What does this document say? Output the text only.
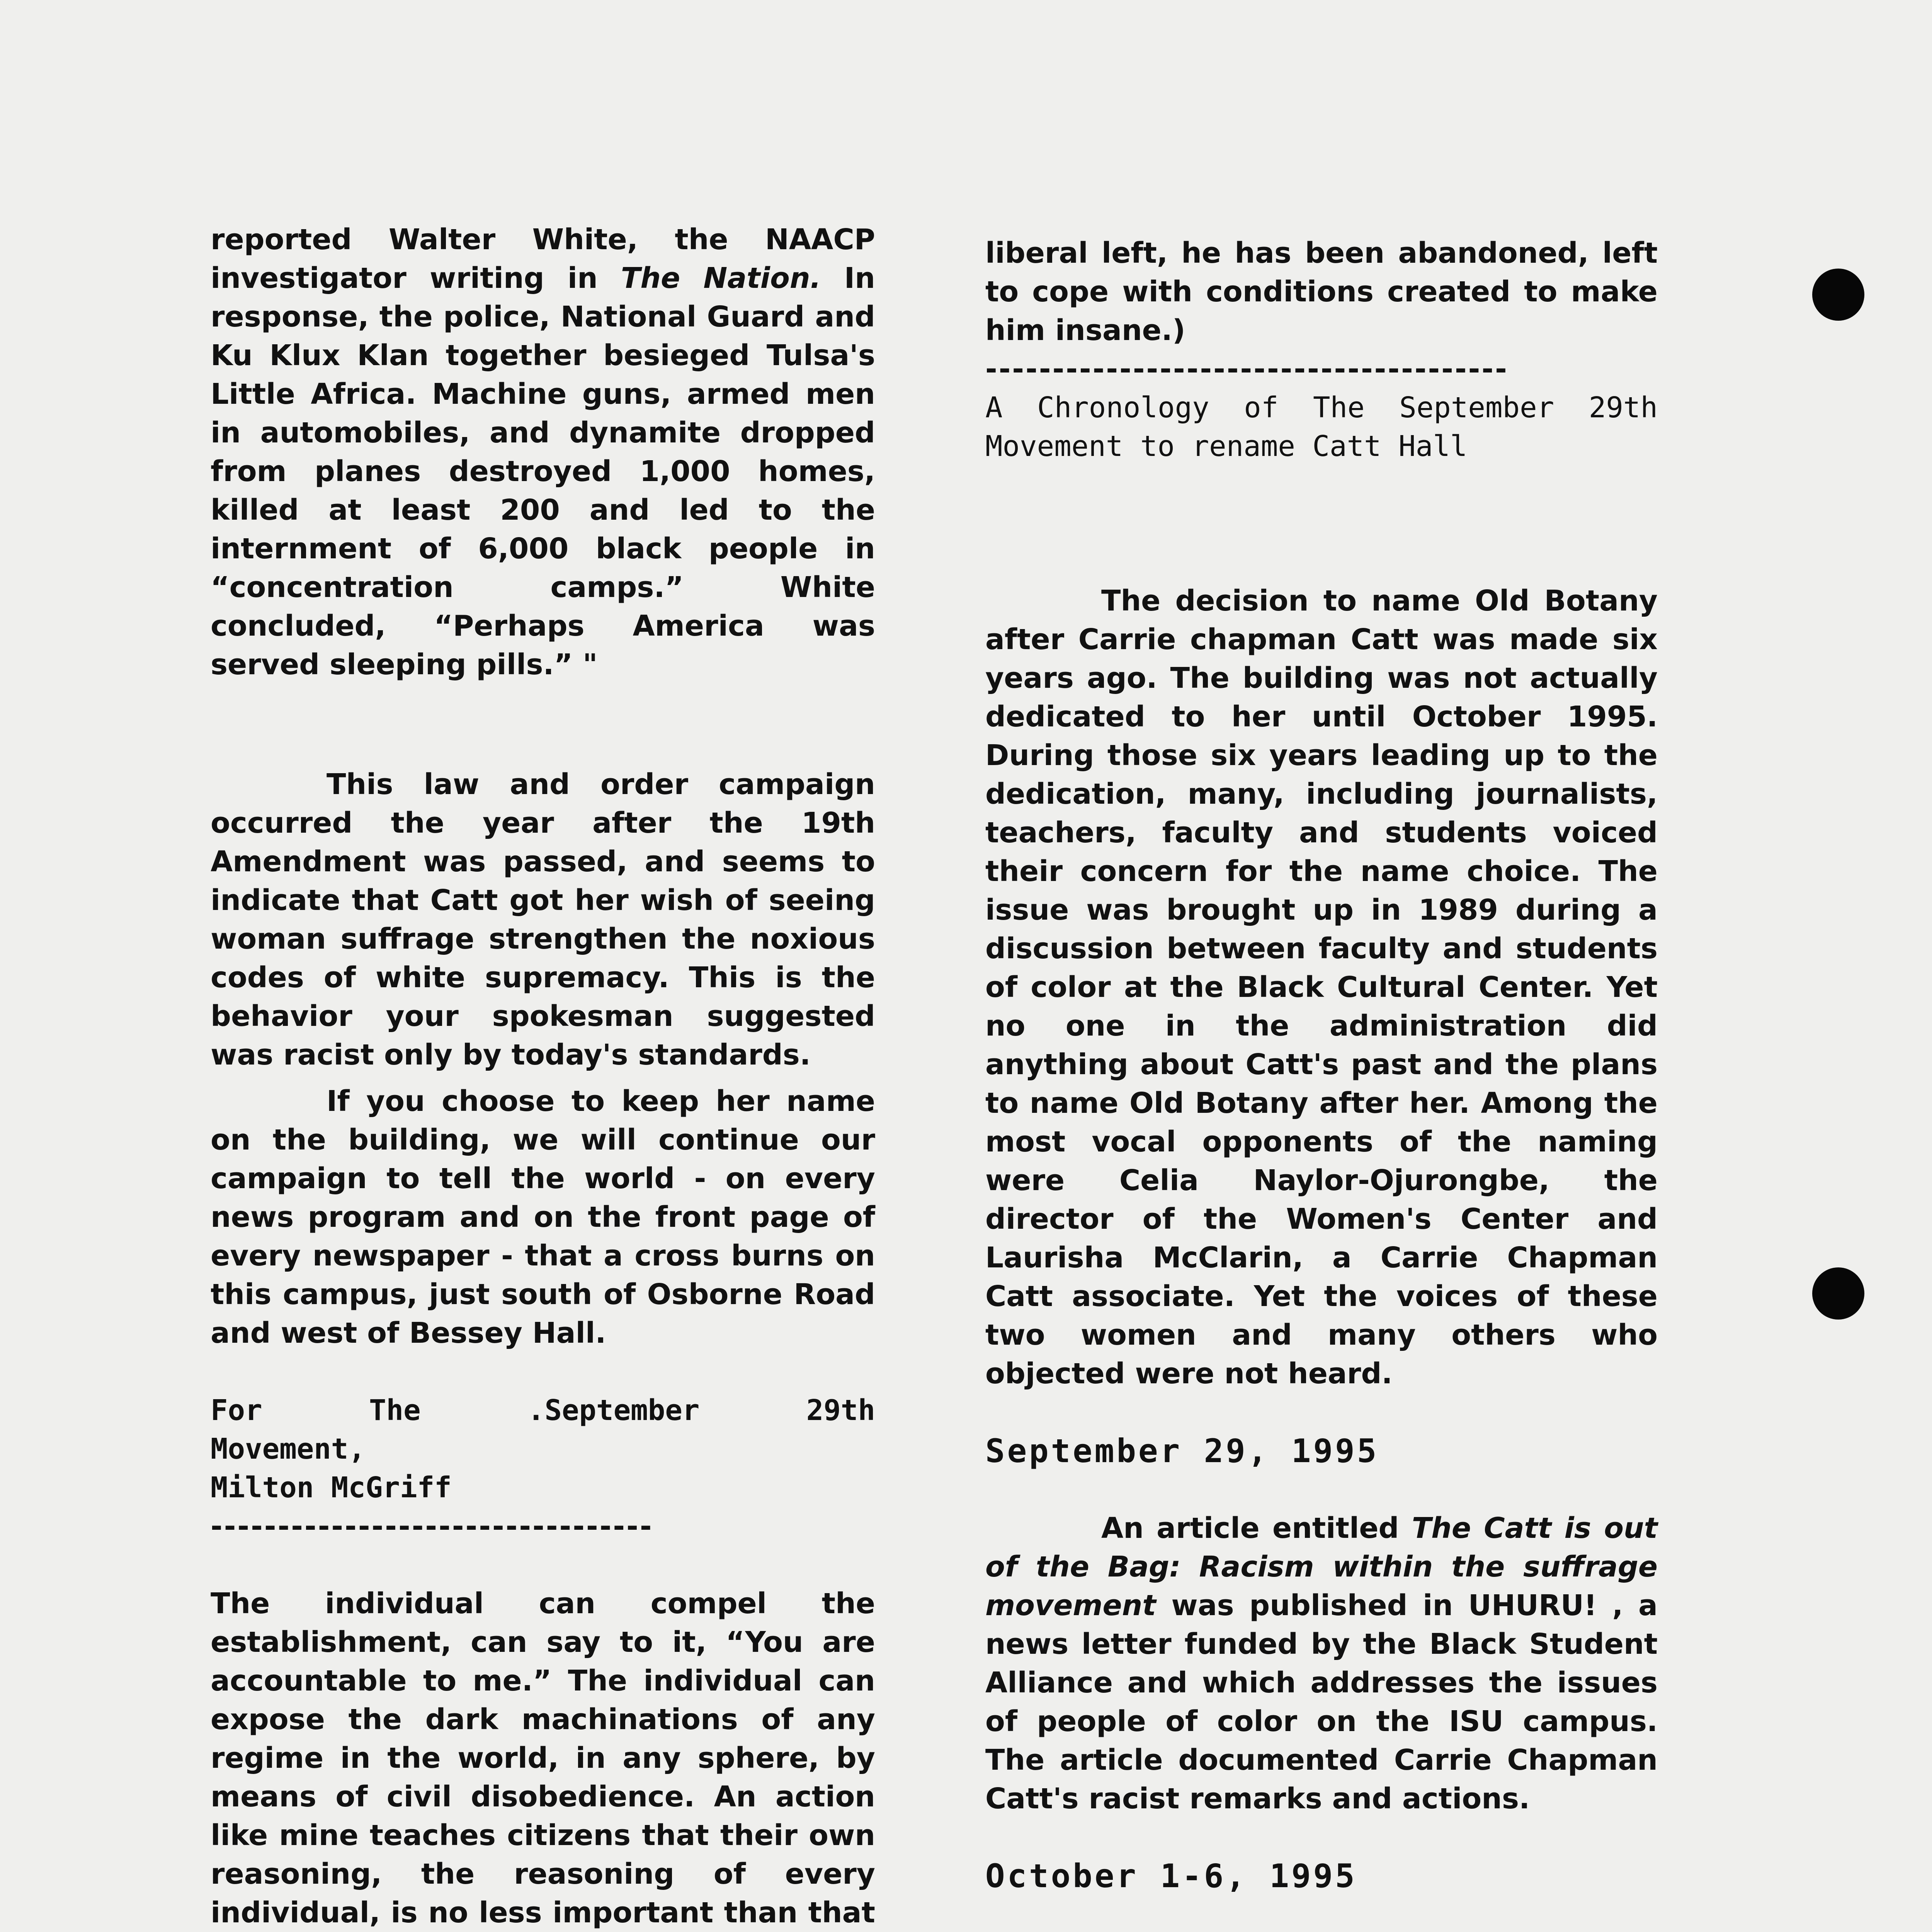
reported Walter White, the NAACP investigator writing in The Nation. In response, the police, National Guard and Ku Klux Klan together besieged Tulsa's Little Africa. Machine guns, armed men in automobiles, and dynamite dropped from planes destroyed 1,000 homes, killed at least 200 and led to the internment of 6,000 black people in “concentration camps.” White concluded, “Perhaps America was served sleeping pills.” "

This law and order campaign occurred the year after the 19th Amendment was passed, and seems to indicate that Catt got her wish of seeing woman suffrage strengthen the noxious codes of white supremacy. This is the behavior your spokesman suggested was racist only by today's standards.

If you choose to keep her name on the building, we will continue our campaign to tell the world - on every news program and on the front page of every newspaper - that a cross burns on this campus, just south of Osborne Road and west of Bessey Hall.

For The .September 29th

Movement,

Milton McGriff

---------------------------------

The individual can compel the establishment, can say to it, “You are accountable to me.” The individual can expose the dark machinations of any regime in the world, in any sphere, by means of civil disobedience. An action like mine teaches citizens that their own reasoning, the reasoning of every individual, is no less important than that

liberal left, he has been abandoned, left to cope with conditions created to make him insane.)

---------------------------------------

A Chronology of The September 29th Movement to rename Catt Hall

The decision to name Old Botany after Carrie chapman Catt was made six years ago. The building was not actually dedicated to her until October 1995. During those six years leading up to the dedication, many, including journalists, teachers, faculty and students voiced their concern for the name choice. The issue was brought up in 1989 during a discussion between faculty and students of color at the Black Cultural Center. Yet no one in the administration did anything about Catt's past and the plans to name Old Botany after her. Among the most vocal opponents of the naming were Celia Naylor-Ojurongbe, the director of the Women's Center and Laurisha McClarin, a Carrie Chapman Catt associate. Yet the voices of these two women and many others who objected were not heard.

September 29, 1995

An article entitled The Catt is out of the Bag: Racism within the suffrage movement was published in UHURU! , a news letter funded by the Black Student Alliance and which addresses the issues of people of color on the ISU campus. The article documented Carrie Chapman Catt's racist remarks and actions.

October 1-6, 1995
